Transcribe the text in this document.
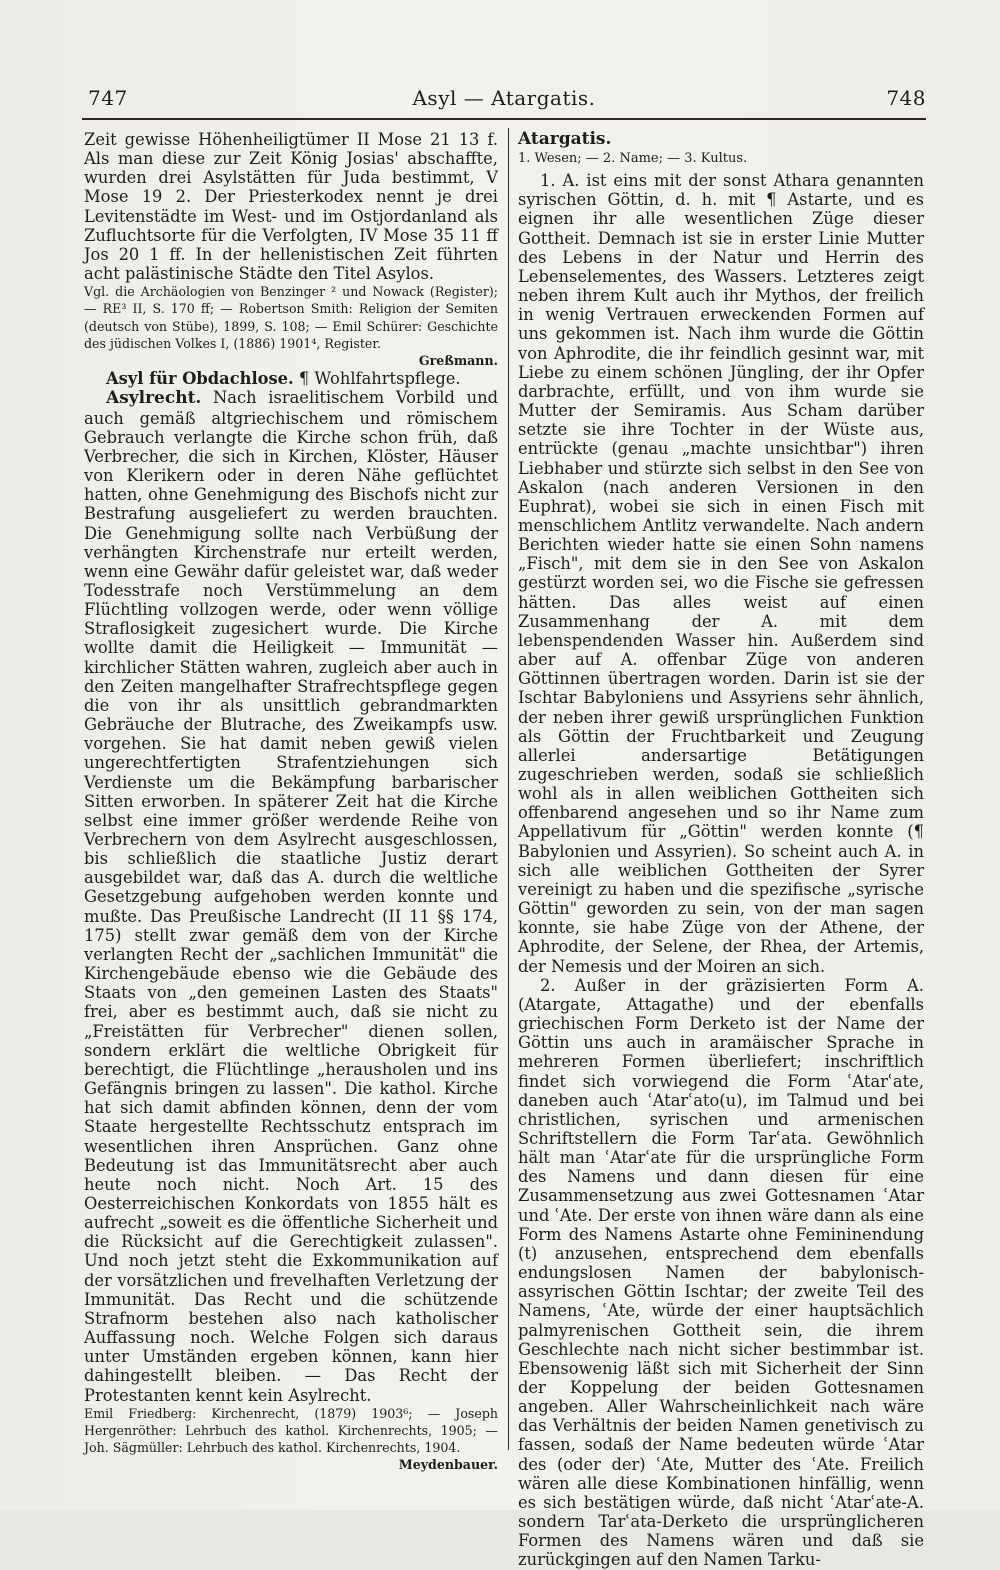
747	Asyl — Atargatis.	748

Zeit gewisse Höhenheiligtümer II Mose 21 13 f. Als man diese zur Zeit König Josias' abschaffte, wurden drei Asylstätten für Juda bestimmt, V Mose 19 2. Der Priesterkodex nennt je drei Levitenstädte im West- und im Ostjordanland als Zufluchtsorte für die Verfolgten, IV Mose 35 11 ff Jos 20 1 ff. In der hellenistischen Zeit führten acht palästinische Städte den Titel Asylos.

Vgl. die Archäologien von Benzinger ² und Nowack (Register); — RE³ II, S. 170 ff; — Robertson Smith: Religion der Semiten (deutsch von Stübe), 1899, S. 108; — Emil Schürer: Geschichte des jüdischen Volkes I, (1886) 1901⁴, Register.

Greßmann.

Asyl für Obdachlose. ¶ Wohlfahrtspflege.

Asylrecht. Nach israelitischem Vorbild und auch gemäß altgriechischem und römischem Gebrauch verlangte die Kirche schon früh, daß Verbrecher, die sich in Kirchen, Klöster, Häuser von Klerikern oder in deren Nähe geflüchtet hatten, ohne Genehmigung des Bischofs nicht zur Bestrafung ausgeliefert zu werden brauchten. Die Genehmigung sollte nach Verbüßung der verhängten Kirchenstrafe nur erteilt werden, wenn eine Gewähr dafür geleistet war, daß weder Todesstrafe noch Verstümmelung an dem Flüchtling vollzogen werde, oder wenn völlige Straflosigkeit zugesichert wurde. Die Kirche wollte damit die Heiligkeit — Immunität — kirchlicher Stätten wahren, zugleich aber auch in den Zeiten mangelhafter Strafrechtspflege gegen die von ihr als unsittlich gebrandmarkten Gebräuche der Blutrache, des Zweikampfs usw. vorgehen. Sie hat damit neben gewiß vielen ungerechtfertigten Strafentziehungen sich Verdienste um die Bekämpfung barbarischer Sitten erworben. In späterer Zeit hat die Kirche selbst eine immer größer werdende Reihe von Verbrechern von dem Asylrecht ausgeschlossen, bis schließlich die staatliche Justiz derart ausgebildet war, daß das A. durch die weltliche Gesetzgebung aufgehoben werden konnte und mußte. Das Preußische Landrecht (II 11 §§ 174, 175) stellt zwar gemäß dem von der Kirche verlangten Recht der „sachlichen Immunität" die Kirchengebäude ebenso wie die Gebäude des Staats von „den gemeinen Lasten des Staats" frei, aber es bestimmt auch, daß sie nicht zu „Freistätten für Verbrecher" dienen sollen, sondern erklärt die weltliche Obrigkeit für berechtigt, die Flüchtlinge „herausholen und ins Gefängnis bringen zu lassen". Die kathol. Kirche hat sich damit abfinden können, denn der vom Staate hergestellte Rechtsschutz entsprach im wesentlichen ihren Ansprüchen. Ganz ohne Bedeutung ist das Immunitätsrecht aber auch heute noch nicht. Noch Art. 15 des Oesterreichischen Konkordats von 1855 hält es aufrecht „soweit es die öffentliche Sicherheit und die Rücksicht auf die Gerechtigkeit zulassen". Und noch jetzt steht die Exkommunikation auf der vorsätzlichen und frevelhaften Verletzung der Immunität. Das Recht und die schützende Strafnorm bestehen also nach katholischer Auffassung noch. Welche Folgen sich daraus unter Umständen ergeben können, kann hier dahingestellt bleiben. — Das Recht der Protestanten kennt kein Asylrecht.

Emil Friedberg: Kirchenrecht, (1879) 1903⁶; — Joseph Hergenröther: Lehrbuch des kathol. Kirchenrechts, 1905; — Joh. Sägmüller: Lehrbuch des kathol. Kirchenrechts, 1904.

Meydenbauer.

Atargatis.

1. Wesen; — 2. Name; — 3. Kultus.

1. A. ist eins mit der sonst Athara genannten syrischen Göttin, d. h. mit ¶ Astarte, und es eignen ihr alle wesentlichen Züge dieser Gottheit. Demnach ist sie in erster Linie Mutter des Lebens in der Natur und Herrin des Lebenselementes, des Wassers. Letzteres zeigt neben ihrem Kult auch ihr Mythos, der freilich in wenig Vertrauen erweckenden Formen auf uns gekommen ist. Nach ihm wurde die Göttin von Aphrodite, die ihr feindlich gesinnt war, mit Liebe zu einem schönen Jüngling, der ihr Opfer darbrachte, erfüllt, und von ihm wurde sie Mutter der Semiramis. Aus Scham darüber setzte sie ihre Tochter in der Wüste aus, entrückte (genau „machte unsichtbar") ihren Liebhaber und stürzte sich selbst in den See von Askalon (nach anderen Versionen in den Euphrat), wobei sie sich in einen Fisch mit menschlichem Antlitz verwandelte. Nach andern Berichten wieder hatte sie einen Sohn namens „Fisch", mit dem sie in den See von Askalon gestürzt worden sei, wo die Fische sie gefressen hätten. Das alles weist auf einen Zusammenhang der A. mit dem lebenspendenden Wasser hin. Außerdem sind aber auf A. offenbar Züge von anderen Göttinnen übertragen worden. Darin ist sie der Ischtar Babyloniens und Assyriens sehr ähnlich, der neben ihrer gewiß ursprünglichen Funktion als Göttin der Fruchtbarkeit und Zeugung allerlei andersartige Betätigungen zugeschrieben werden, sodaß sie schließlich wohl als in allen weiblichen Gottheiten sich offenbarend angesehen und so ihr Name zum Appellativum für „Göttin" werden konnte (¶ Babylonien und Assyrien). So scheint auch A. in sich alle weiblichen Gottheiten der Syrer vereinigt zu haben und die spezifische „syrische Göttin" geworden zu sein, von der man sagen konnte, sie habe Züge von der Athene, der Aphrodite, der Selene, der Rhea, der Artemis, der Nemesis und der Moiren an sich.

2. Außer in der gräzisierten Form A. (Atargate, Attagathe) und der ebenfalls griechischen Form Derketo ist der Name der Göttin uns auch in aramäischer Sprache in mehreren Formen überliefert; inschriftlich findet sich vorwiegend die Form ʿAtarʿate, daneben auch ʿAtarʿato(u), im Talmud und bei christlichen, syrischen und armenischen Schriftstellern die Form Tarʿata. Gewöhnlich hält man ʿAtarʿate für die ursprüngliche Form des Namens und dann diesen für eine Zusammensetzung aus zwei Gottesnamen ʿAtar und ʿAte. Der erste von ihnen wäre dann als eine Form des Namens Astarte ohne Femininendung (t) anzusehen, entsprechend dem ebenfalls endungslosen Namen der babylonisch-assyrischen Göttin Ischtar; der zweite Teil des Namens, ʿAte, würde der einer hauptsächlich palmyrenischen Gottheit sein, die ihrem Geschlechte nach nicht sicher bestimmbar ist. Ebensowenig läßt sich mit Sicherheit der Sinn der Koppelung der beiden Gottesnamen angeben. Aller Wahrscheinlichkeit nach wäre das Verhältnis der beiden Namen genetivisch zu fassen, sodaß der Name bedeuten würde ʿAtar des (oder der) ʿAte, Mutter des ʿAte. Freilich wären alle diese Kombinationen hinfällig, wenn es sich bestätigen würde, daß nicht ʿAtarʿate-A. sondern Tarʿata-Derketo die ursprünglicheren Formen des Namens wären und daß sie zurückgingen auf den Namen Tarku-
